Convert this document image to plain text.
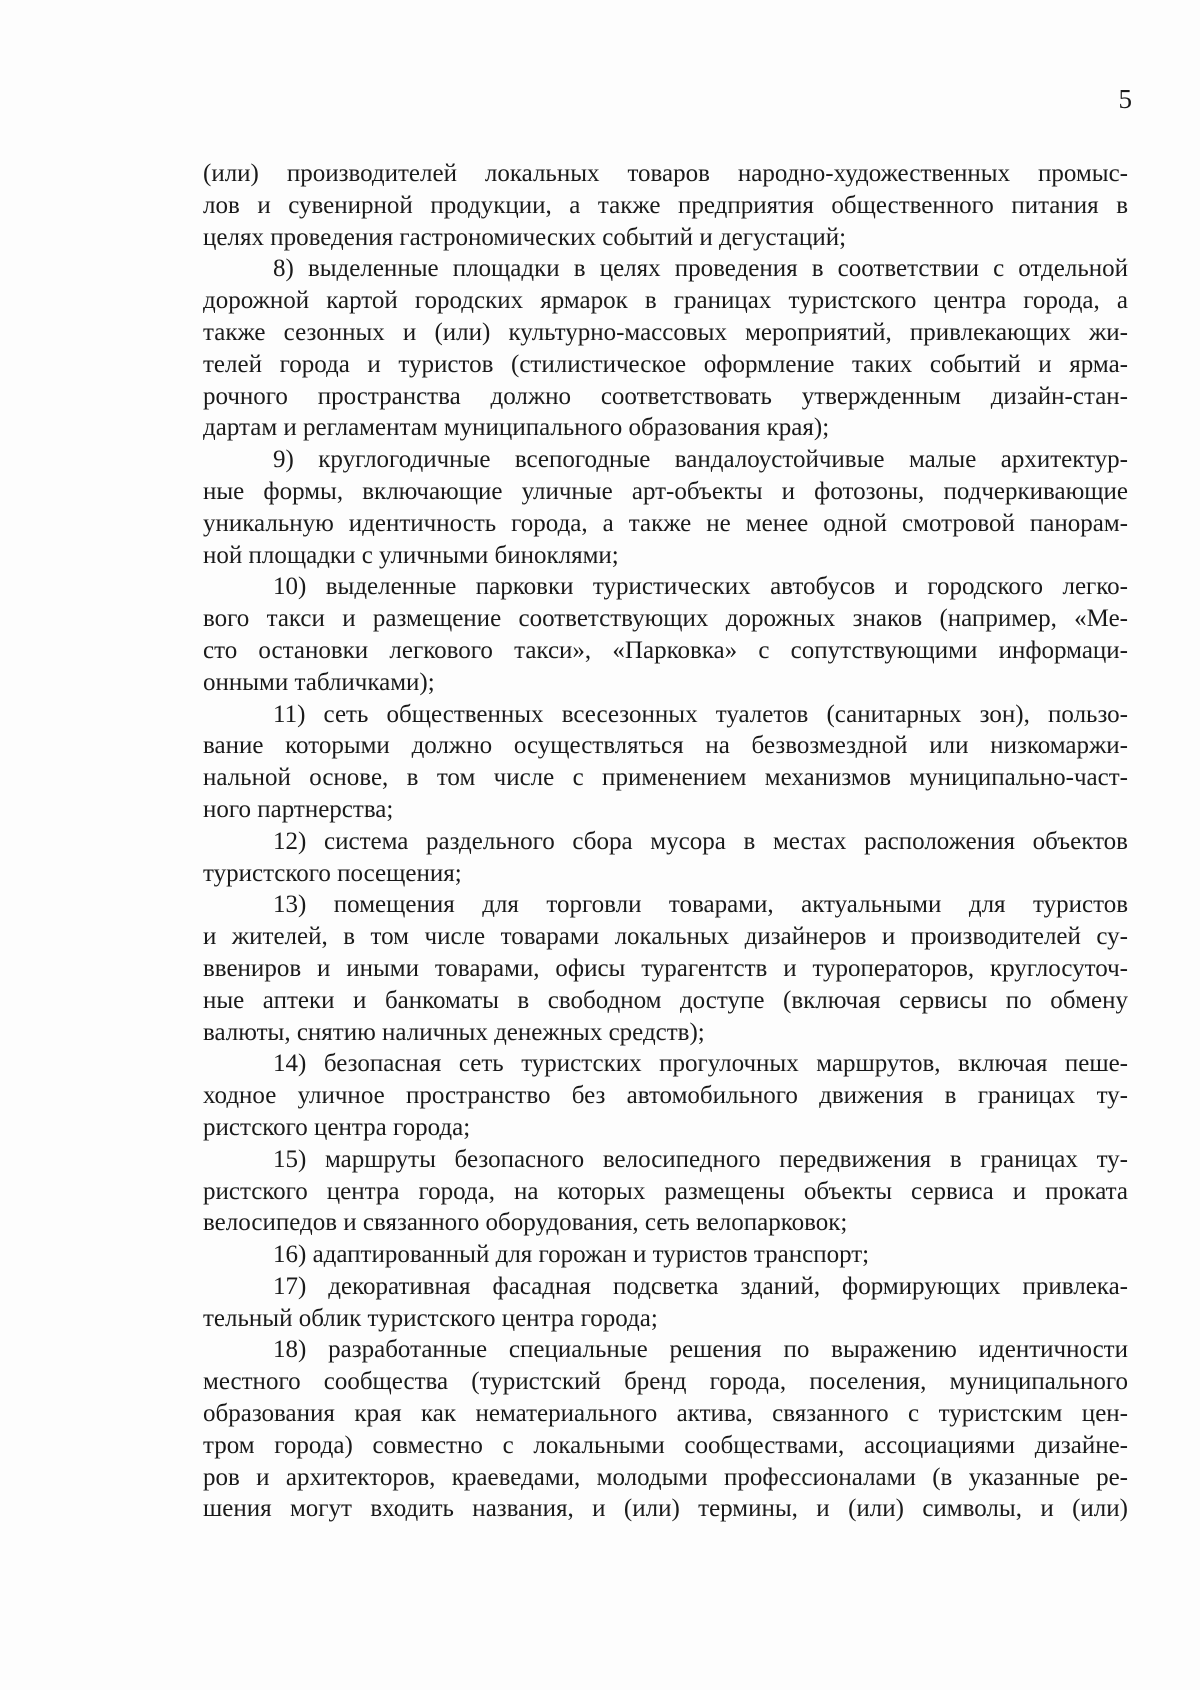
5
(или) производителей локальных товаров народно-художественных промыс-
лов и сувенирной продукции, а также предприятия общественного питания в
целях проведения гастрономических событий и дегустаций;
8) выделенные площадки в целях проведения в соответствии с отдельной
дорожной картой городских ярмарок в границах туристского центра города, а
также сезонных и (или) культурно-массовых мероприятий, привлекающих жи-
телей города и туристов (стилистическое оформление таких событий и ярма-
рочного пространства должно соответствовать утвержденным дизайн-стан-
дартам и регламентам муниципального образования края);
9) круглогодичные всепогодные вандалоустойчивые малые архитектур-
ные формы, включающие уличные арт-объекты и фотозоны, подчеркивающие
уникальную идентичность города, а также не менее одной смотровой панорам-
ной площадки с уличными биноклями;
10) выделенные парковки туристических автобусов и городского легко-
вого такси и размещение соответствующих дорожных знаков (например, «Ме-
сто остановки легкового такси», «Парковка» с сопутствующими информаци-
онными табличками);
11) сеть общественных всесезонных туалетов (санитарных зон), пользо-
вание которыми должно осуществляться на безвозмездной или низкомаржи-
нальной основе, в том числе с применением механизмов муниципально-част-
ного партнерства;
12) система раздельного сбора мусора в местах расположения объектов
туристского посещения;
13) помещения для торговли товарами, актуальными для туристов
и жителей, в том числе товарами локальных дизайнеров и производителей су-
ввениров и иными товарами, офисы турагентств и туроператоров, круглосуточ-
ные аптеки и банкоматы в свободном доступе (включая сервисы по обмену
валюты, снятию наличных денежных средств);
14) безопасная сеть туристских прогулочных маршрутов, включая пеше-
ходное уличное пространство без автомобильного движения в границах ту-
ристского центра города;
15) маршруты безопасного велосипедного передвижения в границах ту-
ристского центра города, на которых размещены объекты сервиса и проката
велосипедов и связанного оборудования, сеть велопарковок;
16) адаптированный для горожан и туристов транспорт;
17) декоративная фасадная подсветка зданий, формирующих привлека-
тельный облик туристского центра города;
18) разработанные специальные решения по выражению идентичности
местного сообщества (туристский бренд города, поселения, муниципального
образования края как нематериального актива, связанного с туристским цен-
тром города) совместно с локальными сообществами, ассоциациями дизайне-
ров и архитекторов, краеведами, молодыми профессионалами (в указанные ре-
шения могут входить названия, и (или) термины, и (или) символы, и (или)
